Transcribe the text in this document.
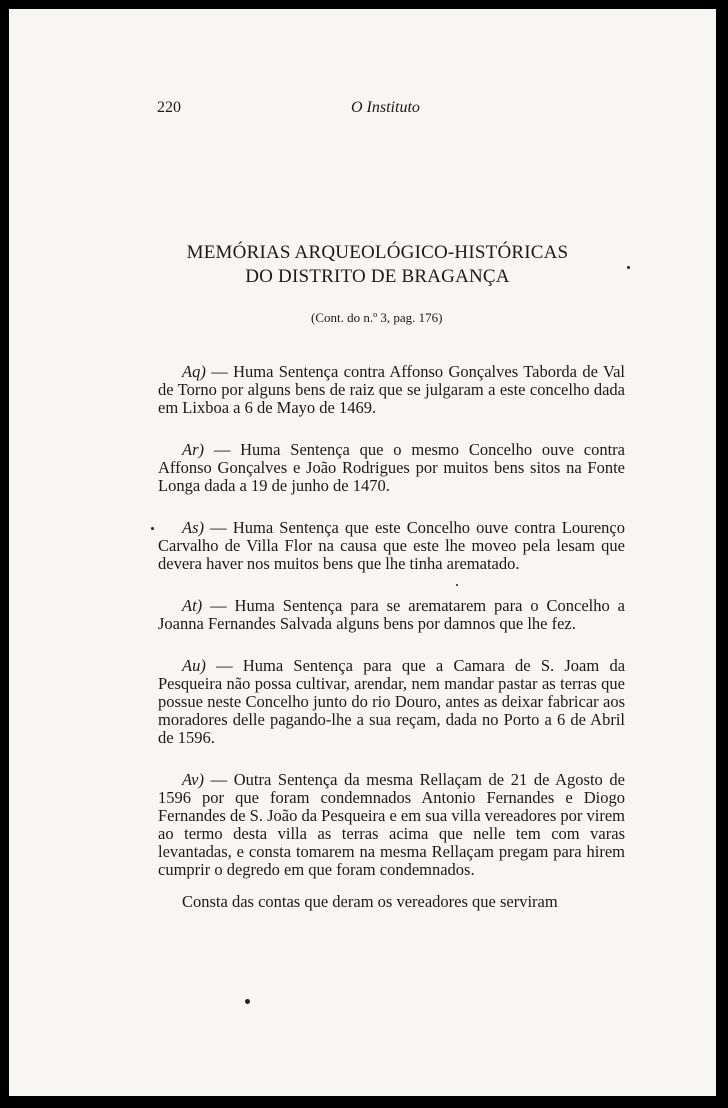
220	O Instituto
MEMÓRIAS ARQUEOLÓGICO-HISTÓRICAS
DO DISTRITO DE BRAGANÇA
(Cont. do n.º 3, pag. 176)

Aq) — Huma Sentença contra Affonso Gonçalves Taborda de Val de Torno por alguns bens de raiz que se julgaram a este concelho dada em Lixboa a 6 de Mayo de 1469.

Ar) — Huma Sentença que o mesmo Concelho ouve contra Affonso Gonçalves e João Rodrigues por muitos bens sitos na Fonte Longa dada a 19 de junho de 1470.

As) — Huma Sentença que este Concelho ouve contra Lourenço Carvalho de Villa Flor na causa que este lhe moveo pela lesam que devera haver nos muitos bens que lhe tinha arematado.

At) — Huma Sentença para se arematarem para o Concelho a Joanna Fernandes Salvada alguns bens por damnos que lhe fez.

Au) — Huma Sentença para que a Camara de S. Joam da Pesqueira não possa cultivar, arendar, nem mandar pastar as terras que possue neste Concelho junto do rio Douro, antes as deixar fabricar aos moradores delle pagando-lhe a sua reçam, dada no Porto a 6 de Abril de 1596.

Av) — Outra Sentença da mesma Rellaçam de 21 de Agosto de 1596 por que foram condemnados Antonio Fernandes e Diogo Fernandes de S. João da Pesqueira e em sua villa vereadores por virem ao termo desta villa as terras acima que nelle tem com varas levantadas, e consta tomarem na mesma Rellaçam pregam para hirem cumprir o degredo em que foram condemnados.

Consta das contas que deram os vereadores que serviram
